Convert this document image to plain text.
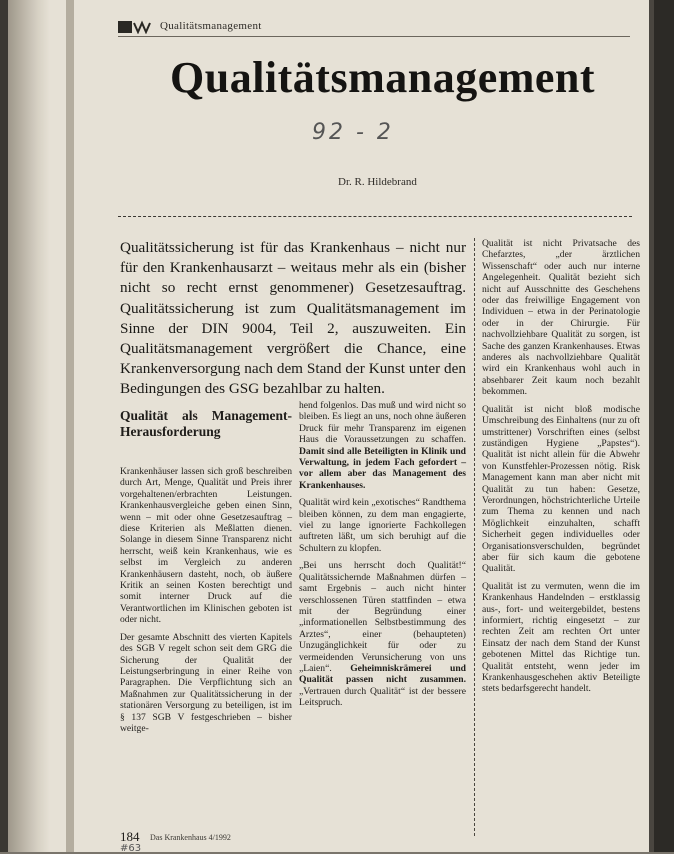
Qualitätsmanagement
Qualitätsmanagement
92 - 2
Dr. R. Hildebrand
Qualitätssicherung ist für das Krankenhaus – nicht nur für den Krankenhausarzt – weitaus mehr als ein (bisher nicht so recht ernst genommener) Gesetzesauftrag. Qualitätssicherung ist zum Qualitätsmanagement im Sinne der DIN 9004, Teil 2, auszuweiten. Ein Qualitätsmanagement vergrößert die Chance, eine Krankenversorgung nach dem Stand der Kunst unter den Bedingungen des GSG bezahlbar zu halten.
Qualität als Management-Herausforderung

Krankenhäuser lassen sich groß beschreiben durch Art, Menge, Qualität und Preis ihrer vorgehaltenen/erbrachten Leistungen. Krankenhausvergleiche geben einen Sinn, wenn – mit oder ohne Gesetzesauftrag – diese Kriterien als Meßlatten dienen. Solange in diesem Sinne Transparenz nicht herrscht, weiß kein Krankenhaus, wie es selbst im Vergleich zu anderen Krankenhäusern dasteht, noch, ob äußere Kritik an seinen Kosten berechtigt und somit interner Druck auf die Verantwortlichen im Klinischen geboten ist oder nicht.

Der gesamte Abschnitt des vierten Kapitels des SGB V regelt schon seit dem GRG die Sicherung der Qualität der Leistungserbringung in einer Reihe von Paragraphen. Die Verpflichtung sich an Maßnahmen zur Qualitätssicherung in der stationären Versorgung zu beteiligen, ist im § 137 SGB V festgeschrieben – bisher weitge-

hend folgenlos. Das muß und wird nicht so bleiben. Es liegt an uns, noch ohne äußeren Druck für mehr Transparenz im eigenen Haus die Voraussetzungen zu schaffen. Damit sind alle Beteiligten in Klinik und Verwaltung, in jedem Fach gefordert – vor allem aber das Management des Krankenhauses.

Qualität wird kein „exotisches“ Randthema bleiben können, zu dem man engagierte, viel zu lange ignorierte Fachkollegen auftreten läßt, um sich beruhigt auf die Schultern zu klopfen.

„Bei uns herrscht doch Qualität!“ Qualitätssichernde Maßnahmen dürfen – samt Ergebnis – auch nicht hinter verschlossenen Türen stattfinden – etwa mit der Begründung einer „informationellen Selbstbestimmung des Arztes“, einer (behaupteten) Unzugänglichkeit für oder zu vermeidenden Verunsicherung von uns „Laien“. Geheimniskrämerei und Qualität passen nicht zusammen. „Vertrauen durch Qualität“ ist der bessere Leitspruch.

Qualität ist nicht Privatsache des Chefarztes, „der ärztlichen Wissenschaft“ oder auch nur interne Angelegenheit. Qualität bezieht sich nicht auf Ausschnitte des Geschehens oder das freiwillige Engagement von Individuen – etwa in der Perinatologie oder in der Chirurgie. Für nachvollziehbare Qualität zu sorgen, ist Sache des ganzen Krankenhauses. Etwas anderes als nachvollziehbare Qualität wird ein Krankenhaus wohl auch in absehbarer Zeit kaum noch bezahlt bekommen.

Qualität ist nicht bloß modische Umschreibung des Einhaltens (nur zu oft umstrittener) Vorschriften eines (selbst zuständigen Hygiene „Papstes“). Qualität ist nicht allein für die Abwehr von Kunstfehler-Prozessen nötig. Risk Management kann man aber nicht mit Qualität zu tun haben: Gesetze, Verordnungen, höchstrichterliche Urteile zum Thema zu kennen und nach Möglichkeit einzuhalten, schafft Sicherheit gegen individuelles oder Organisationsverschulden, begründet aber für sich kaum die gebotene Qualität.

Qualität ist zu vermuten, wenn die im Krankenhaus Handelnden – erstklassig aus-, fort- und weitergebildet, bestens informiert, richtig eingesetzt – zur rechten Zeit am rechten Ort unter Einsatz der nach dem Stand der Kunst gebotenen Mittel das Richtige tun. Qualität entsteht, wenn jeder im Krankenhausgeschehen aktiv Beteiligte stets bedarfsgerecht handelt.

184 Das Krankenhaus 4/1992
#63
